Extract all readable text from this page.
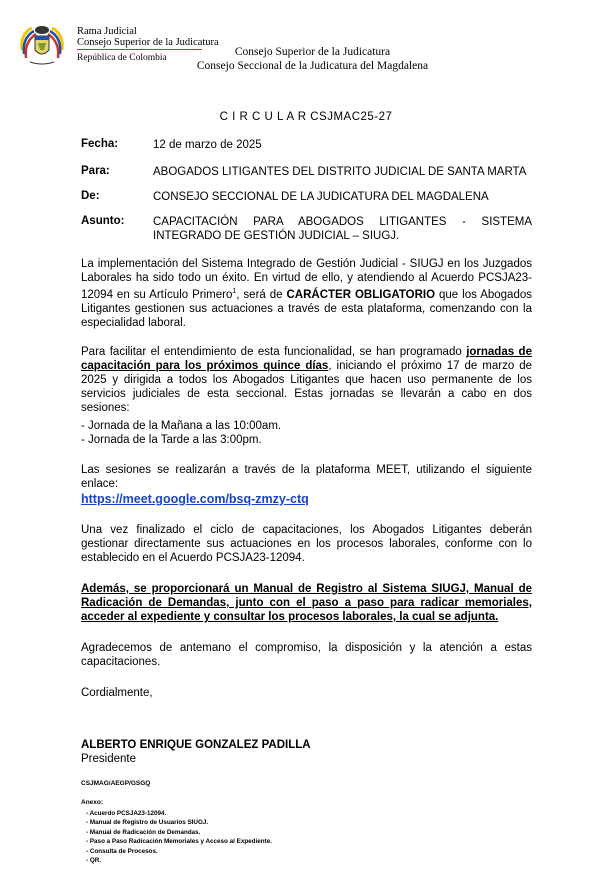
Rama Judicial
Consejo Superior de la Judicatura
República de Colombia	Consejo Superior de la Judicatura
Consejo Seccional de la Judicatura del Magdalena
C I R C U L A R CSJMAC25-27
Fecha:	12 de marzo de 2025
Para:	ABOGADOS LITIGANTES DEL DISTRITO JUDICIAL DE SANTA MARTA
De:	CONSEJO SECCIONAL DE LA JUDICATURA DEL MAGDALENA
Asunto: CAPACITACIÓN PARA ABOGADOS LITIGANTES - SISTEMA INTEGRADO DE GESTIÓN JUDICIAL – SIUGJ.

La implementación del Sistema Integrado de Gestión Judicial - SIUGJ en los Juzgados Laborales ha sido todo un éxito. En virtud de ello, y atendiendo al Acuerdo PCSJA23-12094 en su Artículo Primero$^1$, será de CARÁCTER OBLIGATORIO que los Abogados Litigantes gestionen sus actuaciones a través de esta plataforma, comenzando con la especialidad laboral.

Para facilitar el entendimiento de esta funcionalidad, se han programado jornadas de capacitación para los próximos quince días, iniciando el próximo 17 de marzo de 2025 y dirigida a todos los Abogados Litigantes que hacen uso permanente de los servicios judiciales de esta seccional. Estas jornadas se llevarán a cabo en dos sesiones:

- Jornada de la Mañana a las 10:00am.
- Jornada de la Tarde a las 3:00pm.
Las sesiones se realizarán a través de la plataforma MEET, utilizando el siguiente enlace:
https://meet.google.com/bsq-zmzy-ctq

Una vez finalizado el ciclo de capacitaciones, los Abogados Litigantes deberán gestionar directamente sus actuaciones en los procesos laborales, conforme con lo establecido en el Acuerdo PCSJA23-12094.

Además, se proporcionará un Manual de Registro al Sistema SIUGJ, Manual de Radicación de Demandas, junto con el paso a paso para radicar memoriales, acceder al expediente y consultar los procesos laborales, la cual se adjunta.

Agradecemos de antemano el compromiso, la disposición y la atención a estas capacitaciones.

Cordialmente,
ALBERTO ENRIQUE GONZALEZ PADILLA
Presidente
CSJMAG/AEGP/GSGQ
Anexo:
- Acuerdo PCSJA23-12094.
- Manual de Registro de Usuarios SIUGJ.
- Manual de Radicación de Demandas.
- Paso a Paso Radicación Memoriales y Acceso al Expediente.
- Consulta de Procesos.
- QR.
